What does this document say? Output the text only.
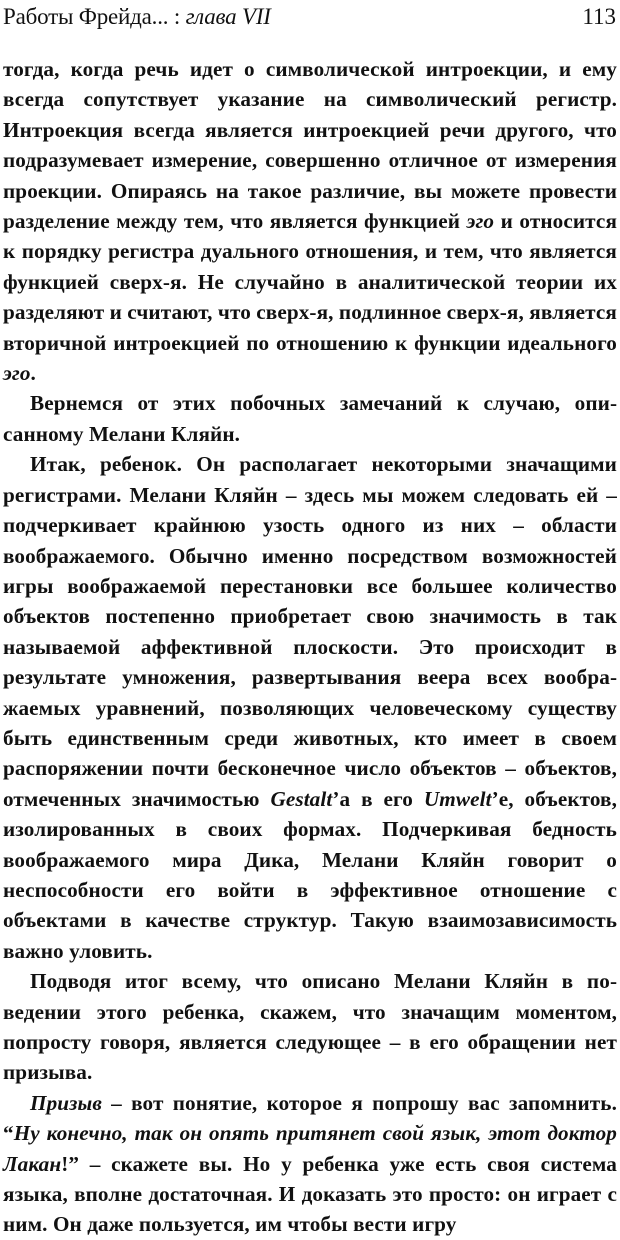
Работы Фрейда... : глава VII	113

тогда, когда речь идет о символической интроекции, и ему всегда сопутствует указание на символический регистр. Интроекция всегда является интроекцией речи другого, что подразумевает измерение, совершенно отличное от измерения проекции. Опираясь на такое различие, вы можете провести разделение между тем, что является функцией эго и относится к порядку регистра дуального отношения, и тем, что является функцией сверх-я. Не случайно в аналитической теории их разделяют и считают, что сверх-я, подлинное сверх-я, является вторичной интроекцией по отношению к функции идеального эго.

Вернемся от этих побочных замечаний к случаю, описанному Мелани Кляйн.

Итак, ребенок. Он располагает некоторыми значащими регистрами. Мелани Кляйн – здесь мы можем следовать ей – подчеркивает крайнюю узость одного из них – области воображаемого. Обычно именно посредством возможностей игры воображаемой перестановки все большее количество объектов постепенно приобретает свою значимость в так называемой аффективной плоскости. Это происходит в результате умножения, развертывания веера всех воображаемых уравнений, позволяющих человеческому существу быть единственным среди животных, кто имеет в своем распоряжении почти бесконечное число объектов – объектов, отмеченных значимостью Gestalt’а в его Umwelt’е, объектов, изолированных в своих формах. Подчеркивая бедность воображаемого мира Дика, Мелани Кляйн говорит о неспособности его войти в эффективное отношение с объектами в качестве структур. Такую взаимозависимость важно уловить.

Подводя итог всему, что описано Мелани Кляйн в поведении этого ребенка, скажем, что значащим моментом, попросту говоря, является следующее – в его обращении нет призыва.

Призыв – вот понятие, которое я попрошу вас запомнить. “Ну конечно, так он опять притянет свой язык, этот доктор Лакан!” – скажете вы. Но у ребенка уже есть своя система языка, вполне достаточная. И доказать это просто: он играет с ним. Он даже пользуется, им чтобы вести игру
